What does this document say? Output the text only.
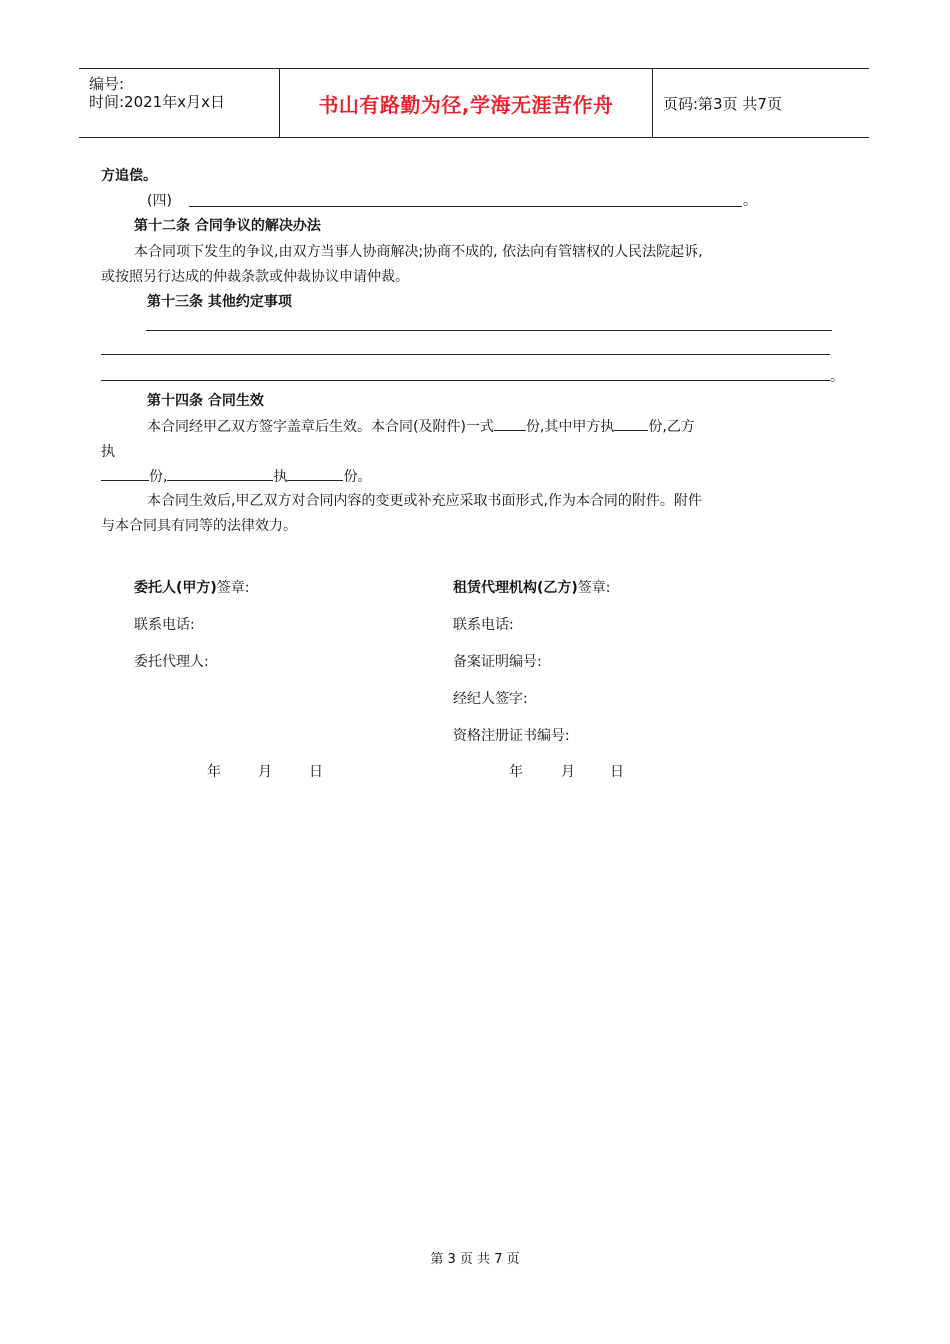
编号:
时间:2021年x月x日	书山有路勤为径,学海无涯苦作舟	页码:第3页 共7页
方追偿。
(四)	。
第十二条 合同争议的解决办法
本合同项下发生的争议,由双方当事人协商解决;协商不成的, 依法向有管辖权的人民法院起诉,
或按照另行达成的仲裁条款或仲裁协议申请仲裁。
第十三条 其他约定事项
。
第十四条 合同生效
本合同经甲乙双方签字盖章后生效。本合同(及附件)一式 份,其中甲方执 份,乙方
执
份,	执	份。
本合同生效后,甲乙双方对合同内容的变更或补充应采取书面形式,作为本合同的附件。附件
与本合同具有同等的法律效力。
委托人(甲方)签章:
联系电话:
委托代理人:
租赁代理机构(乙方)签章:
联系电话:
备案证明编号:
经纪人签字:
资格注册证书编号:
年	月	日	年	月	日
第 3 页 共 7 页
